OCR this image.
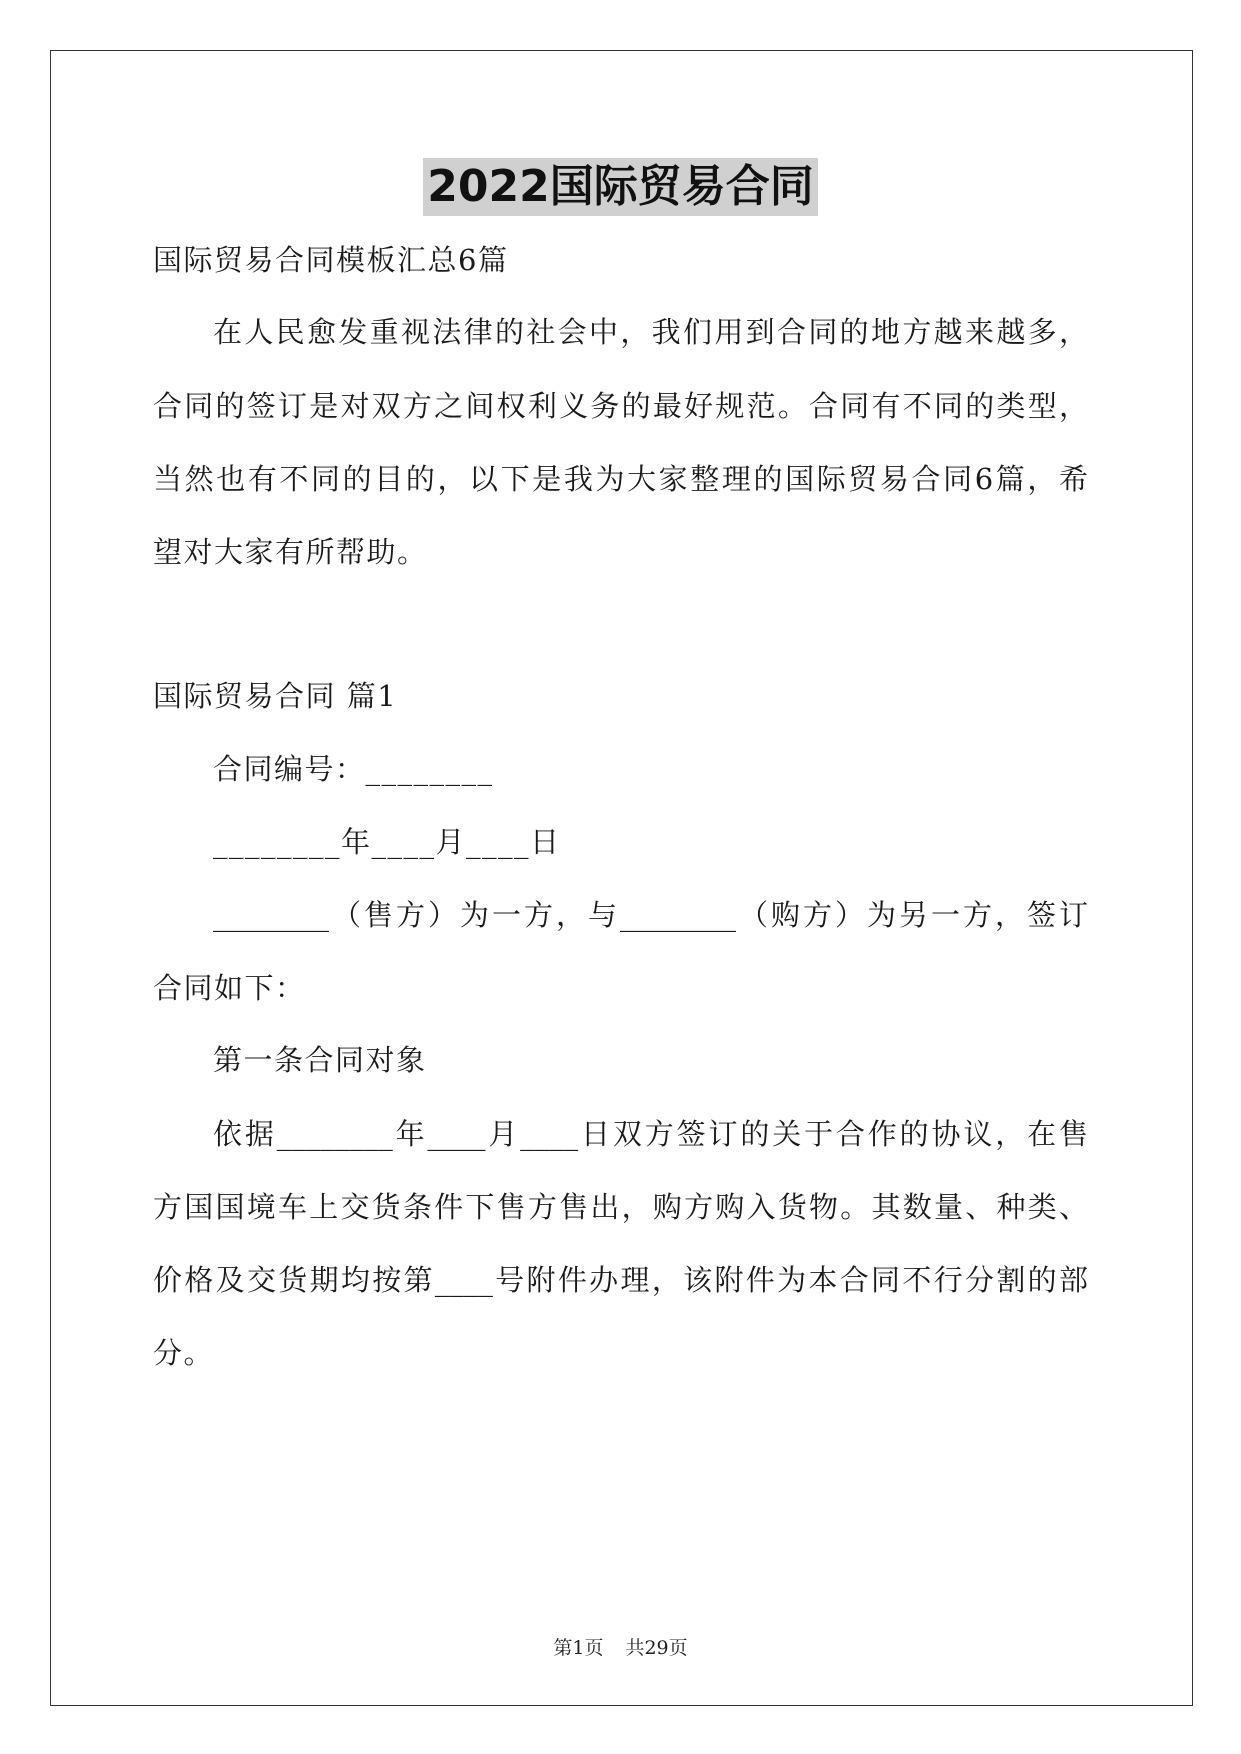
2022国际贸易合同
国际贸易合同模板汇总6篇
在人民愈发重视法律的社会中，我们用到合同的地方越来越多，
合同的签订是对双方之间权利义务的最好规范。合同有不同的类型，
当然也有不同的目的，以下是我为大家整理的国际贸易合同6篇，希
望对大家有所帮助。
国际贸易合同 篇1
合同编号：________
________年____月____日
________（售方）为一方，与________（购方）为另一方，签订
合同如下：
第一条合同对象
依据________年____月____日双方签订的关于合作的协议，在售
方国国境车上交货条件下售方售出，购方购入货物。其数量、种类、
价格及交货期均按第____号附件办理，该附件为本合同不行分割的部
分。
第1页 共29页
